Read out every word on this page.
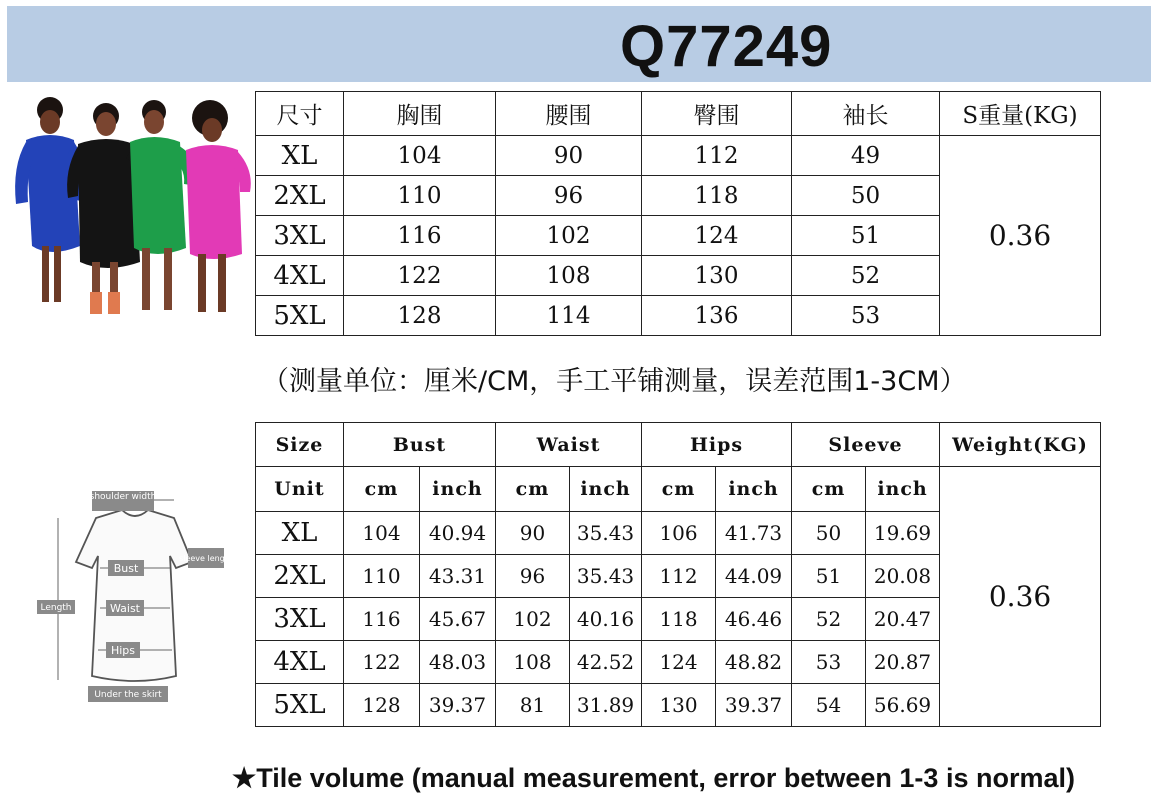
Q77249
尺寸	胸围	腰围	臀围	袖长	S重量(KG)
XL	104	90	112	49	0.36
2XL	110	96	118	50	
3XL	116	102	124	51	
4XL	122	108	130	52	
5XL	128	114	136	53	
（测量单位：厘米/CM，手工平铺测量，误差范围1-3CM）
shoulder width
Length
sleeve length
Bust
Waist
Hips
Under the skirt
Size	Bust		Waist		Hips		Sleeve		Weight(KG)
Unit	cm	inch	cm	inch	cm	inch	cm	inch	0.36
XL	104	40.94	90	35.43	106	41.73	50	19.69	
2XL	110	43.31	96	35.43	112	44.09	51	20.08	
3XL	116	45.67	102	40.16	118	46.46	52	20.47	
4XL	122	48.03	108	42.52	124	48.82	53	20.87	
5XL	128	39.37	81	31.89	130	39.37	54	56.69	
★Tile volume (manual measurement, error between 1-3 is normal)
